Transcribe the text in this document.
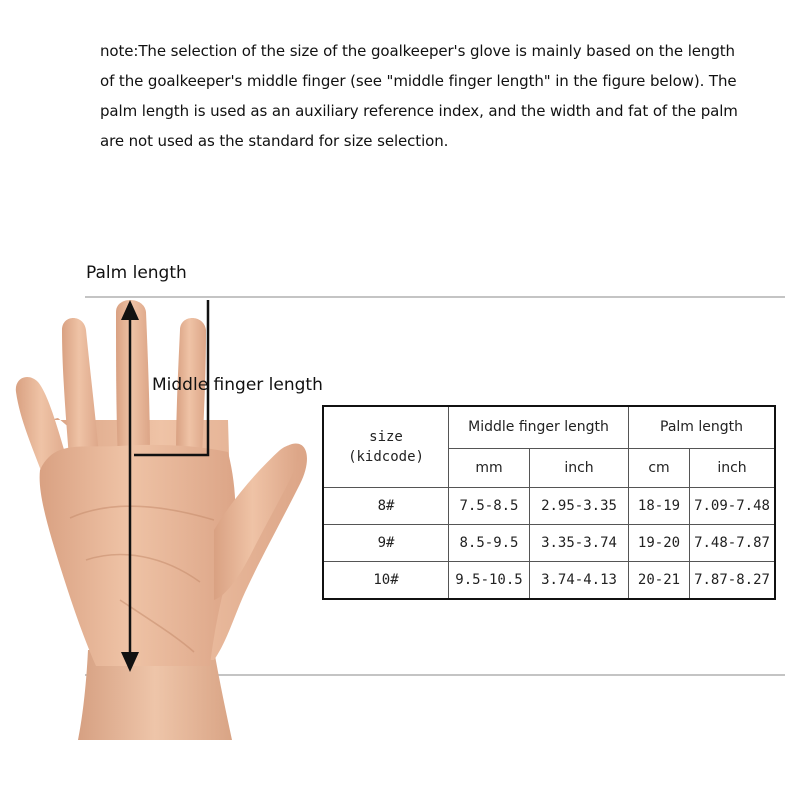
note:The selection of the size of the goalkeeper's glove is mainly based on the length of the goalkeeper's middle finger (see "middle finger length" in the figure below). The palm length is used as an auxiliary reference index, and the width and fat of the palm are not used as the standard for size selection.
Palm length
Middle finger length
size
(kidcode)	Middle finger length		Palm length	
	mm	inch	cm	inch
8#	7.5-8.5	2.95-3.35	18-19	7.09-7.48
9#	8.5-9.5	3.35-3.74	19-20	7.48-7.87
10#	9.5-10.5	3.74-4.13	20-21	7.87-8.27
